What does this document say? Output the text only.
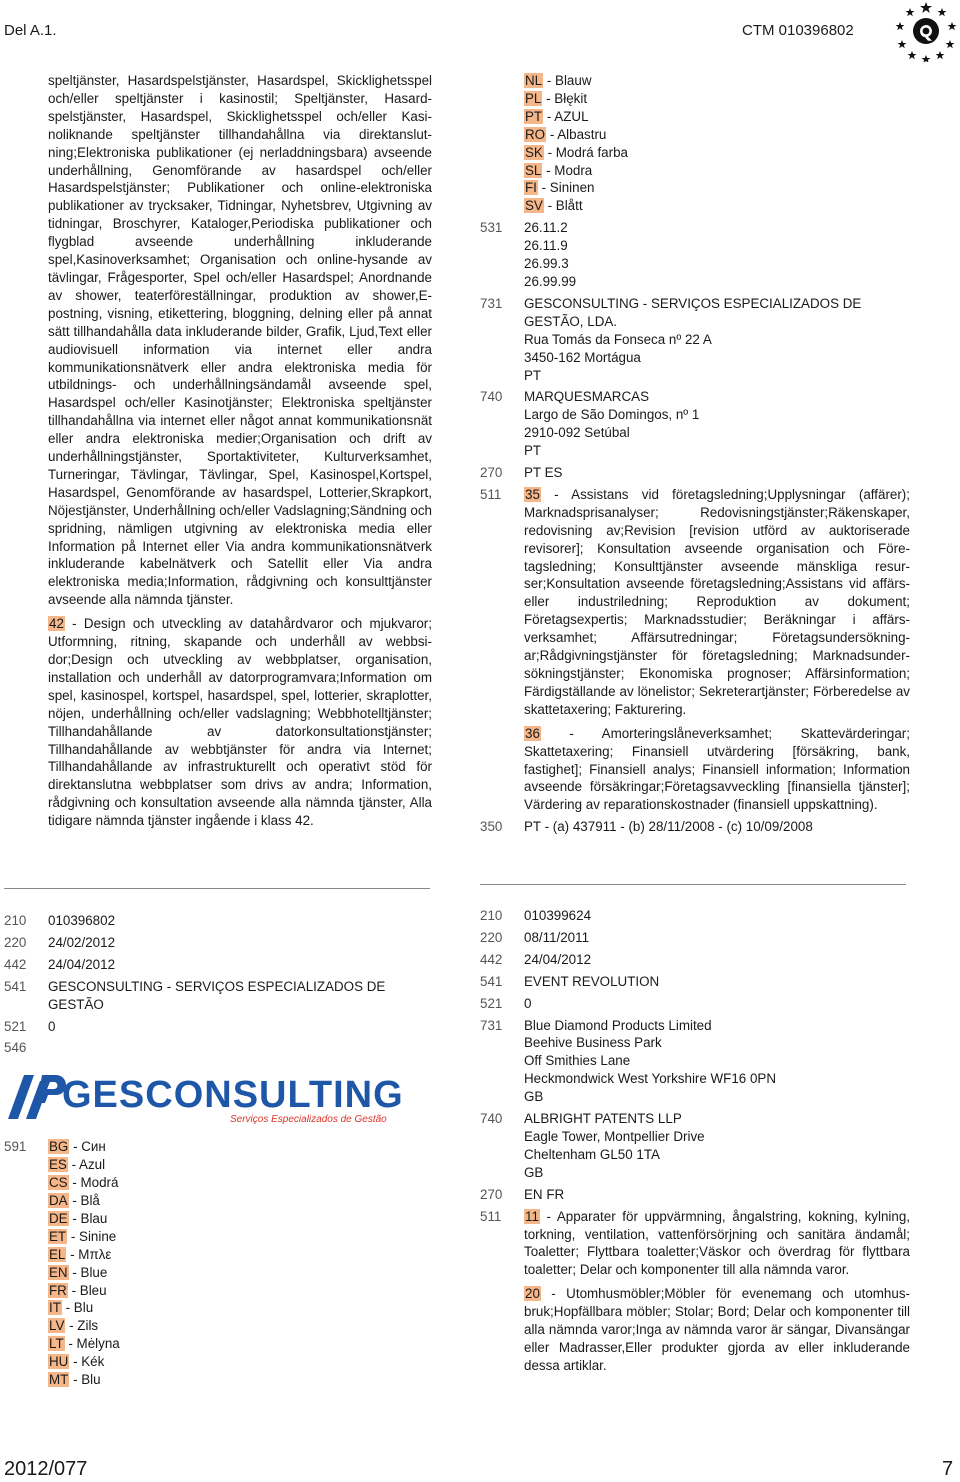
Del A.1.	CTM 010396802

speltjänster, Hasardspelstjänster, Hasardspel, Skicklighetsspel och/eller speltjänster i kasinostil; Speltjänster, Hasardspelstjänster, Hasardspel, Skicklighetsspel och/eller Kasinoliknande speltjänster tillhandahållna via direktanslutning;Elektroniska publikationer (ej nerladdningsbara) avseende underhållning, Genomförande av hasardspel och/eller Hasardspelstjänster; Publikationer och online-elektroniska publikationer av trycksaker, Tidningar, Nyhetsbrev, Utgivning av tidningar, Broschyrer, Kataloger,Periodiska publikationer och flygblad avseende underhållning inkluderande spel,Kasinoverksamhet; Organisation och online-hysande av tävlingar, Frågesporter, Spel och/eller Hasardspel; Anordnande av shower, teaterföreställningar, produktion av shower,E-postning, visning, etikettering, bloggning, delning eller på annat sätt tillhandahålla data inkluderande bilder, Grafik, Ljud,Text eller audiovisuell information via internet eller andra kommunikationsnätverk eller andra elektroniska media för utbildnings- och underhållningsändamål avseende spel, Hasardspel och/eller Kasinotjänster; Elektroniska speltjänster tillhandahållna via internet eller något annat kommunikationsnät eller andra elektroniska medier;Organisation och drift av underhållningstjänster, Sportaktiviteter, Kulturverksamhet, Turneringar, Tävlingar, Tävlingar, Spel, Kasinospel,Kortspel, Hasardspel, Genomförande av hasardspel, Lotterier,Skrapkort, Nöjestjänster, Underhållning och/eller Vadslagning;Sändning och spridning, nämligen utgivning av elektroniska media eller Information på Internet eller Via andra kommunikationsnätverk inkluderande kabelnätverk och Satellit eller Via andra elektroniska media;Information, rådgivning och konsulttjänster avseende alla nämnda tjänster.

42 - Design och utveckling av datahårdvaror och mjukvaror; Utformning, ritning, skapande och underhåll av webbsidor;Design och utveckling av webbplatser, organisation, installation och underhåll av datorprogramvara;Information om spel, kasinospel, kortspel, hasardspel, spel, lotterier, skraplotter, nöjen, underhållning och/eller vadslagning; Webbhotelltjänster; Tillhandahållande av datorkonsultationstjänster; Tillhandahållande av webbtjänster för andra via Internet; Tillhandahållande av infrastrukturellt och operativt stöd för direktanslutna webbplatser som drivs av andra; Information, rådgivning och konsultation avseende alla nämnda tjänster, Alla tidigare nämnda tjänster ingående i klass 42.

NL - Blauw
PL - Błękit
PT - AZUL
RO - Albastru
SK - Modrá farba
SL - Modra
FI - Sininen
SV - Blått
531	26.11.2
26.11.9
26.99.3
26.99.99
731	GESCONSULTING - SERVIÇOS ESPECIALIZADOS DE GESTÃO, LDA.
Rua Tomás da Fonseca nº 22 A
3450-162 Mortágua
PT
740	MARQUESMARCAS
Largo de São Domingos, nº 1
2910-092 Setúbal
PT
270	PT ES
511	35 - Assistans vid företagsledning;Upplysningar (affärer); Marknadsprisanalyser; Redovisningstjänster;Räkenskaper, redovisning av;Revision [revision utförd av auktoriserade revisorer]; Konsultation avseende organisation och Företagsledning; Konsulttjänster avseende mänskliga resurser;Konsultation avseende företagsledning;Assistans vid affärs- eller industriledning; Reproduktion av dokument; Företagsexpertis; Marknadsstudier; Beräkningar i affärsverksamhet; Affärsutredningar; Företagsundersökningar;Rådgivningstjänster för företagsledning; Marknadsundersökningstjänster; Ekonomiska prognoser; Affärsinformation; Färdigställande av lönelistor; Sekreterartjänster; Förberedelse av skattetaxering; Fakturering.

36 - Amorteringslåneverksamhet; Skattevärderingar; Skattetaxering; Finansiell utvärdering [försäkring, bank, fastighet]; Finansiell analys; Finansiell information; Information avseende försäkringar;Företagsavveckling [finansiella tjänster]; Värdering av reparationskostnader (finansiell uppskattning).

350	PT - (a) 437911 - (b) 28/11/2008 - (c) 10/09/2008
210	010396802
220	24/02/2012
442	24/04/2012
541	GESCONSULTING - SERVIÇOS ESPECIALIZADOS DE GESTÃO
521	0
546
GESCONSULTING
Serviços Especializados de Gestão
591	BG - Син
ES - Azul
CS - Modrá
DA - Blå
DE - Blau
ET - Sinine
EL - Μπλε
EN - Blue
FR - Bleu
IT - Blu
LV - Zils
LT - Mėlyna
HU - Kék
MT - Blu
210	010399624
220	08/11/2011
442	24/04/2012
541	EVENT REVOLUTION
521	0
731	Blue Diamond Products Limited
Beehive Business Park
Off Smithies Lane
Heckmondwick West Yorkshire WF16 0PN
GB
740	ALBRIGHT PATENTS LLP
Eagle Tower, Montpellier Drive
Cheltenham GL50 1TA
GB
270	EN FR
511	11 - Apparater för uppvärmning, ångalstring, kokning, kylning, torkning, ventilation, vattenförsörjning och sanitära ändamål; Toaletter; Flyttbara toaletter;Väskor och överdrag för flyttbara toaletter; Delar och komponenter till alla nämnda varor.

20 - Utomhusmöbler;Möbler för evenemang och utomhusbruk;Hopfällbara möbler; Stolar; Bord; Delar och komponenter till alla nämnda varor;Inga av nämnda varor är sängar, Divansängar eller Madrasser,Eller produkter gjorda av eller inkluderande dessa artiklar.

2012/077	7
